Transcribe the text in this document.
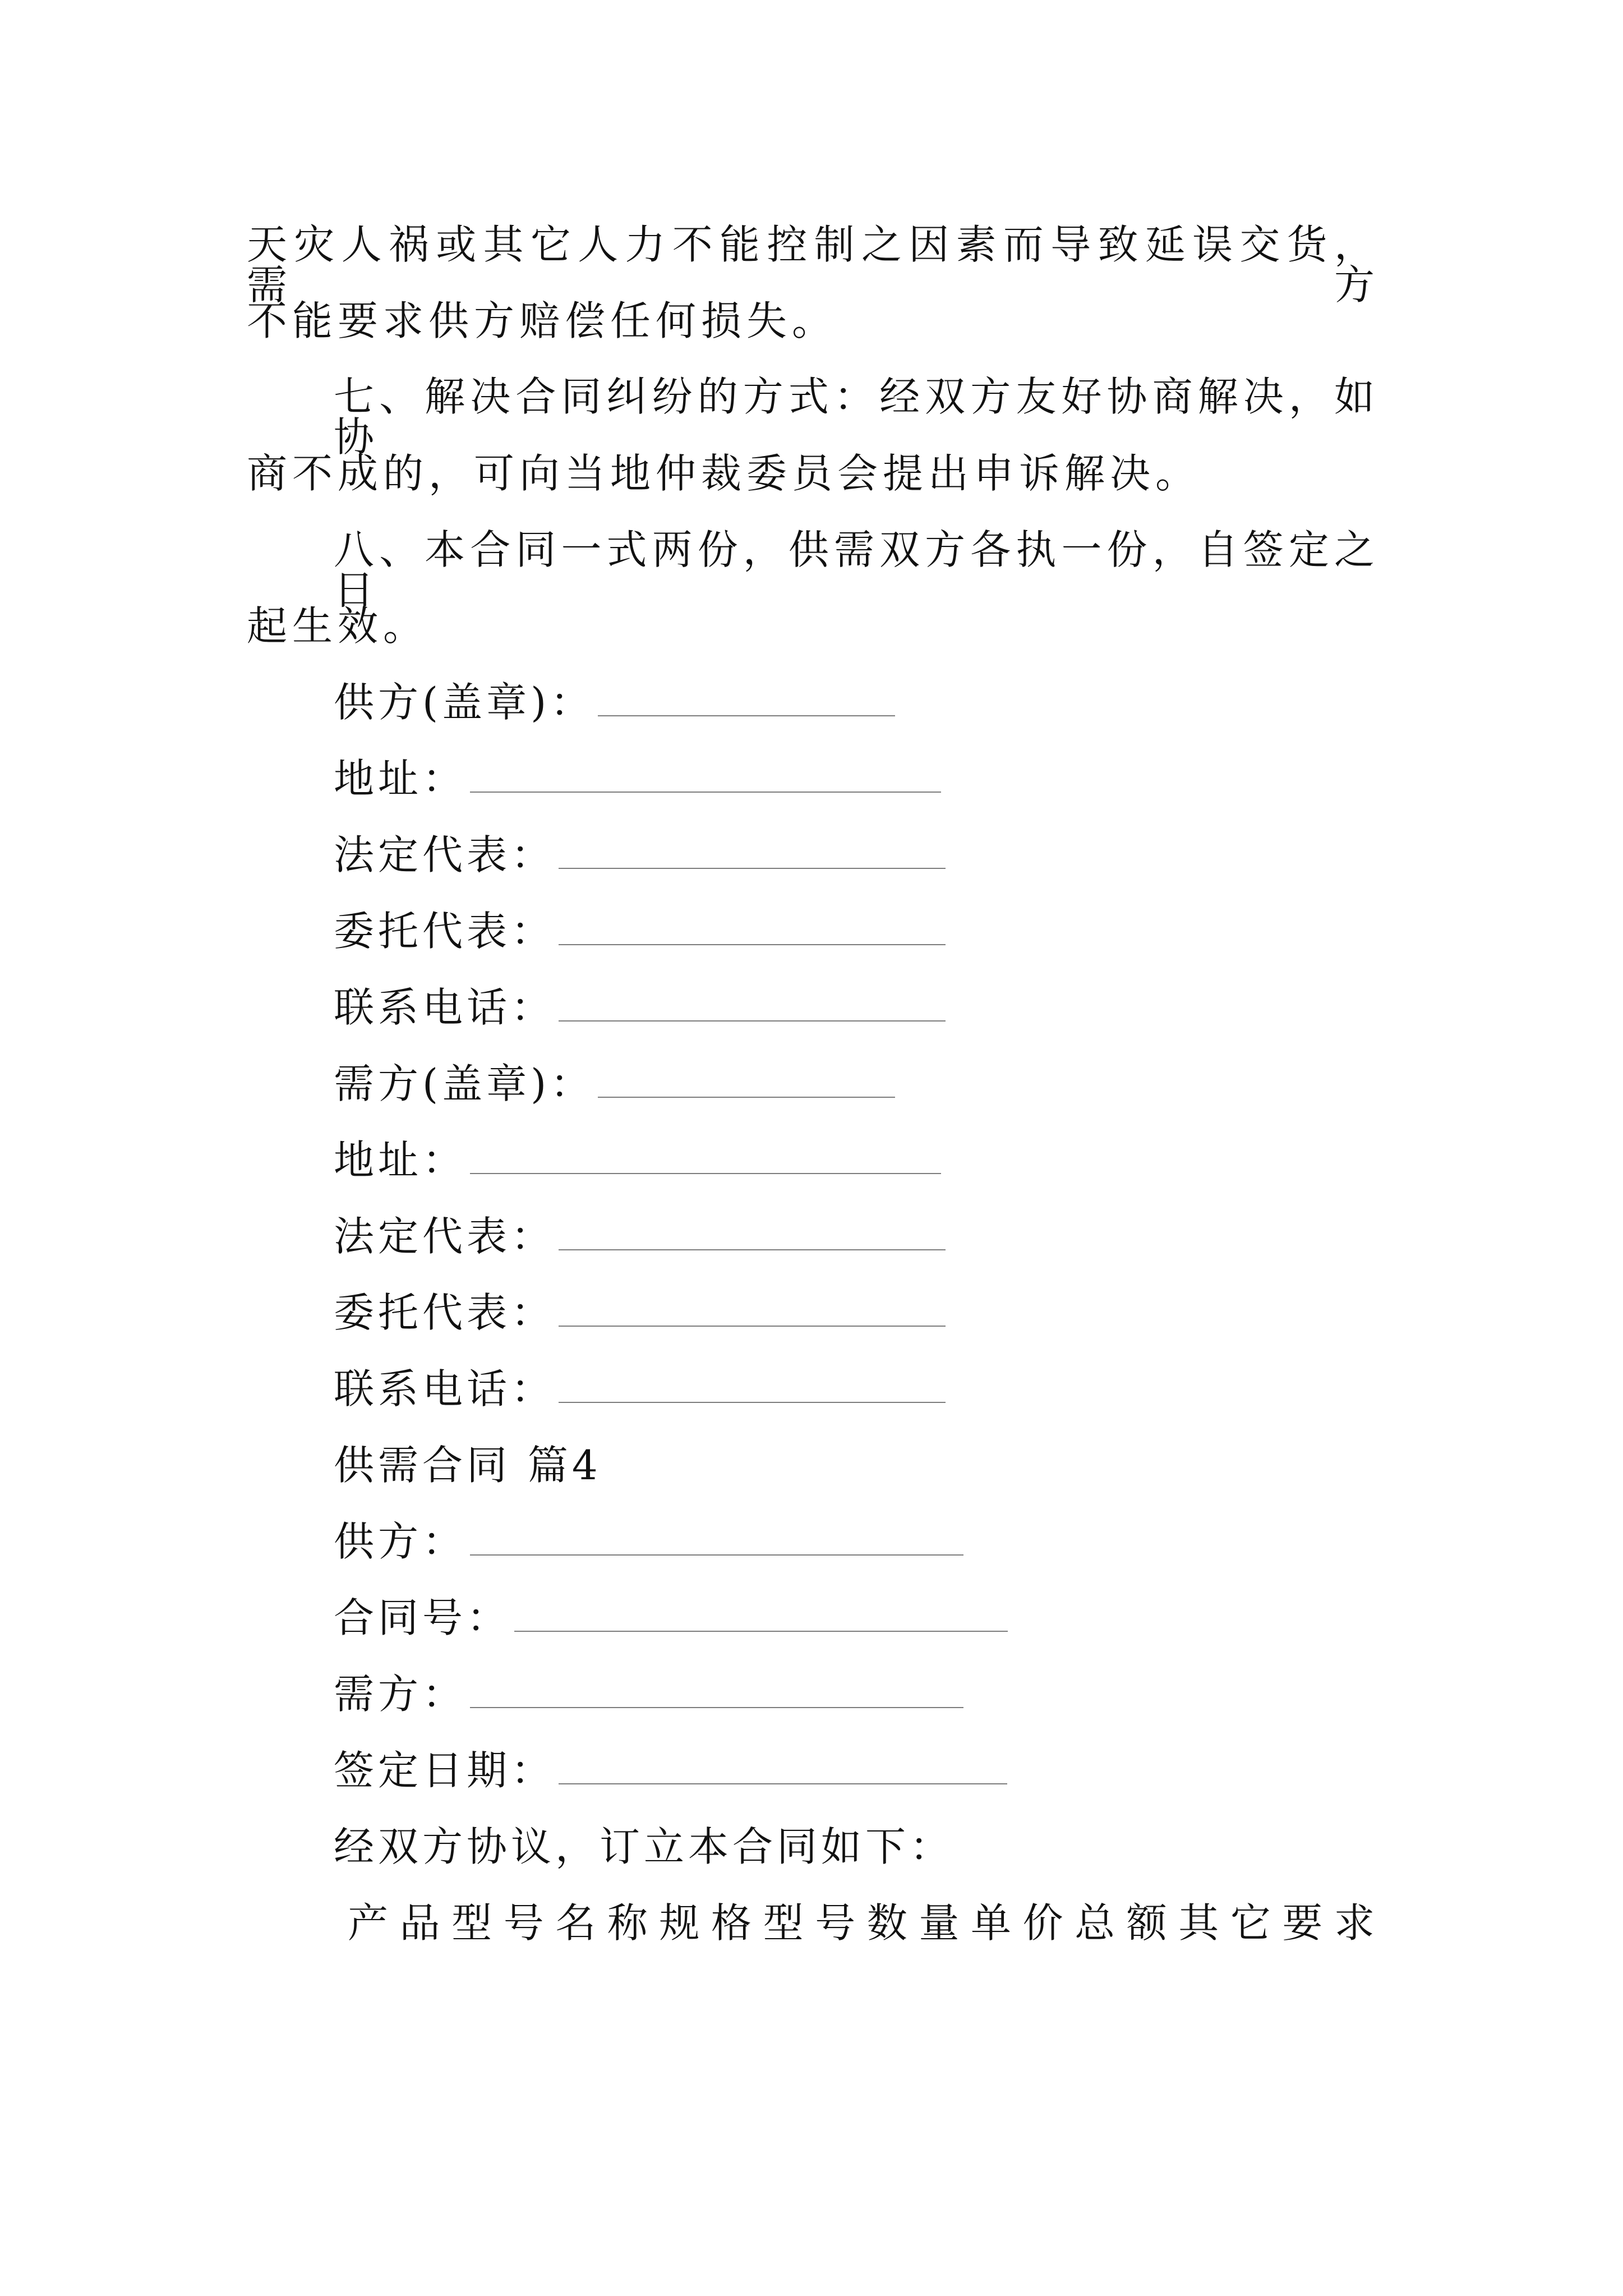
天灾人祸或其它人力不能控制之因素而导致延误交货，需方
不能要求供方赔偿任何损失。
七、解决合同纠纷的方式：经双方友好协商解决，如协
商不成的，可向当地仲裁委员会提出申诉解决。
八、本合同一式两份，供需双方各执一份，自签定之日
起生效。
供方(盖章)：
地址：
法定代表：
委托代表：
联系电话：
需方(盖章)：
地址：
法定代表：
委托代表：
联系电话：
供需合同 篇4
供方：
合同号：
需方：
签定日期：
经双方协议，订立本合同如下：
产品型号名称规格型号数量单价总额其它要求
